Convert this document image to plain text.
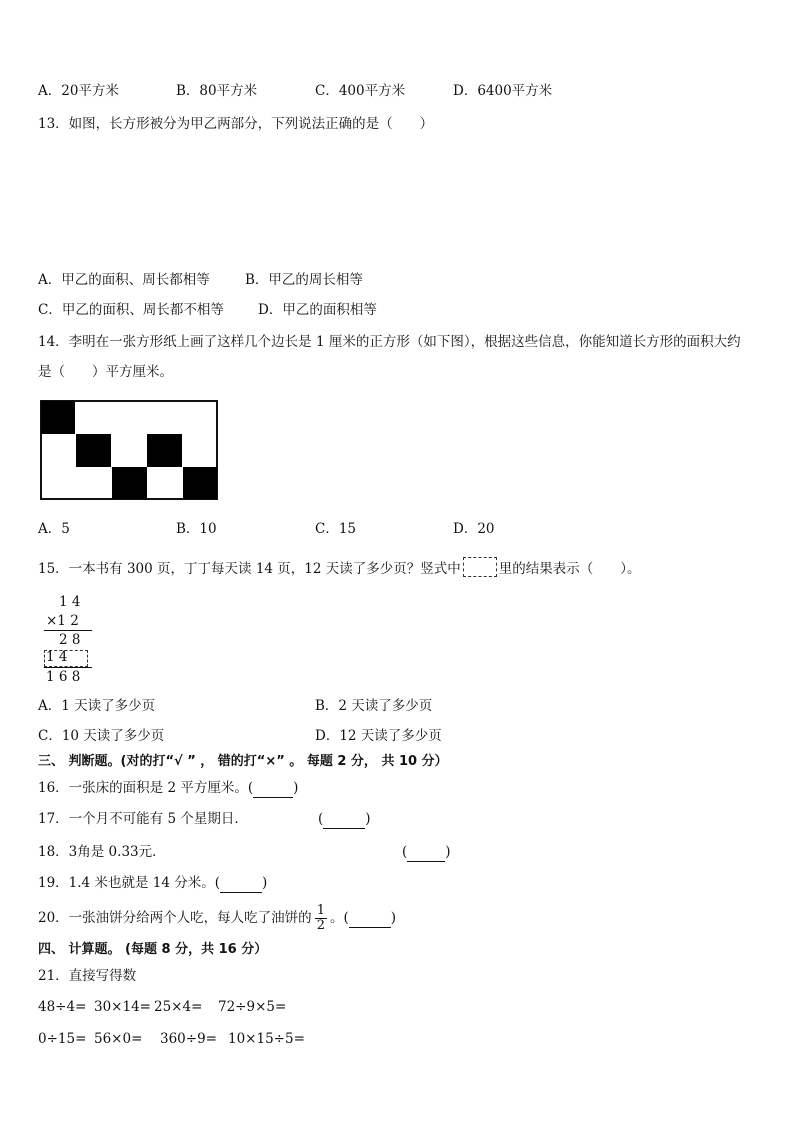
A．20平方米	B．80平方米	C．400平方米	D．6400平方米
13．如图，长方形被分为甲乙两部分，下列说法正确的是（　　）
A．甲乙的面积、周长都相等	B．甲乙的周长相等
C．甲乙的面积、周长都不相等	D．甲乙的面积相等
14．李明在一张方形纸上画了这样几个边长是 1 厘米的正方形（如下图），根据这些信息，你能知道长方形的面积大约
是（　　）平方厘米。
A．5	B．10	C．15	D．20
15．一本书有 300 页，丁丁每天读 14 页，12 天读了多少页？竖式中	里的结果表示（　　）。
1 4
×1 2
2 8
1 4
1 6 8
A．1 天读了多少页	B．2 天读了多少页
C．10 天读了多少页	D．12 天读了多少页
三、 判断题。(对的打“√ ” ， 错的打“×” 。 每题 2 分， 共 10 分）
16．一张床的面积是 2 平方厘米。(	)
17．一个月不可能有 5 个星期日．	(	)
18．3角是 0.33元．	(	)
19．1.4 米也就是 14 分米。(	)
20．一张油饼分给两个人吃，每人吃了油饼的 $\frac{1}{2}$ 。(	)
四、 计算题。 (每题 8 分，共 16 分）
21．直接写得数
48÷4= 30×14= 25×4= 72÷9×5=
0÷15= 56×0= 360÷9= 10×15÷5=
